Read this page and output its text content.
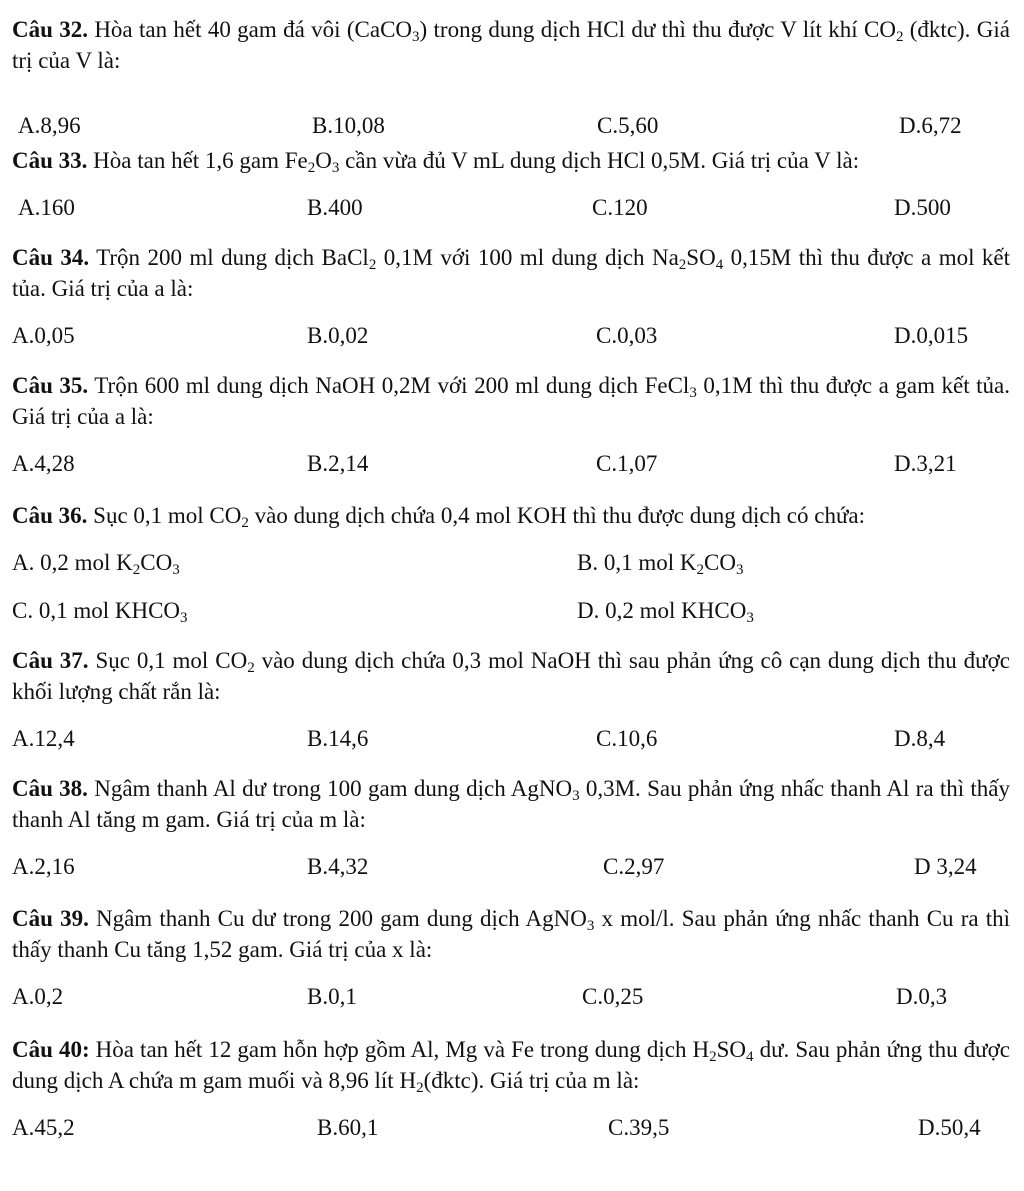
Câu 32. Hòa tan hết 40 gam đá vôi (CaCO$_3$) trong dung dịch HCl dư thì thu được V lít khí $CO_2$ (đktc). Giá trị của V là:

A.8,96	B.10,08	C.5,60	D.6,72

Câu 33. Hòa tan hết 1,6 gam $Fe_2O_3$ cần vừa đủ V mL dung dịch HCl 0,5M. Giá trị của V là:

A.160	B.400	C.120	D.500

Câu 34. Trộn 200 ml dung dịch BaCl$_2$ 0,1M với 100 ml dung dịch $Na_2SO_4$ 0,15M thì thu được a mol kết tủa. Giá trị của a là:

A.0,05	B.0,02	C.0,03	D.0,015

Câu 35. Trộn 600 ml dung dịch NaOH 0,2M với 200 ml dung dịch FeCl$_3$ 0,1M thì thu được a gam kết tủa. Giá trị của a là:

A.4,28	B.2,14	C.1,07	D.3,21

Câu 36. Sục 0,1 mol $CO_2$ vào dung dịch chứa 0,4 mol KOH thì thu được dung dịch có chứa:

A. 0,2 mol $K_2CO_3$	B. 0,1 mol $K_2CO_3$
C. 0,1 mol $KHCO_3$	D. 0,2 mol $KHCO_3$

Câu 37. Sục 0,1 mol $CO_2$ vào dung dịch chứa 0,3 mol NaOH thì sau phản ứng cô cạn dung dịch thu được khối lượng chất rắn là:

A.12,4	B.14,6	C.10,6	D.8,4

Câu 38. Ngâm thanh Al dư trong 100 gam dung dịch AgNO$_3$ 0,3M. Sau phản ứng nhấc thanh Al ra thì thấy thanh Al tăng m gam. Giá trị của m là:

A.2,16	B.4,32	C.2,97	D 3,24

Câu 39. Ngâm thanh Cu dư trong 200 gam dung dịch AgNO$_3$ x mol/l. Sau phản ứng nhấc thanh Cu ra thì thấy thanh Cu tăng 1,52 gam. Giá trị của x là:

A.0,2	B.0,1	C.0,25	D.0,3

Câu 40: Hòa tan hết 12 gam hỗn hợp gồm Al, Mg và Fe trong dung dịch $H_2SO_4$ dư. Sau phản ứng thu được dung dịch A chứa m gam muối và 8,96 lít $H_2(đktc)$. Giá trị của m là:

A.45,2	B.60,1	C.39,5	D.50,4
